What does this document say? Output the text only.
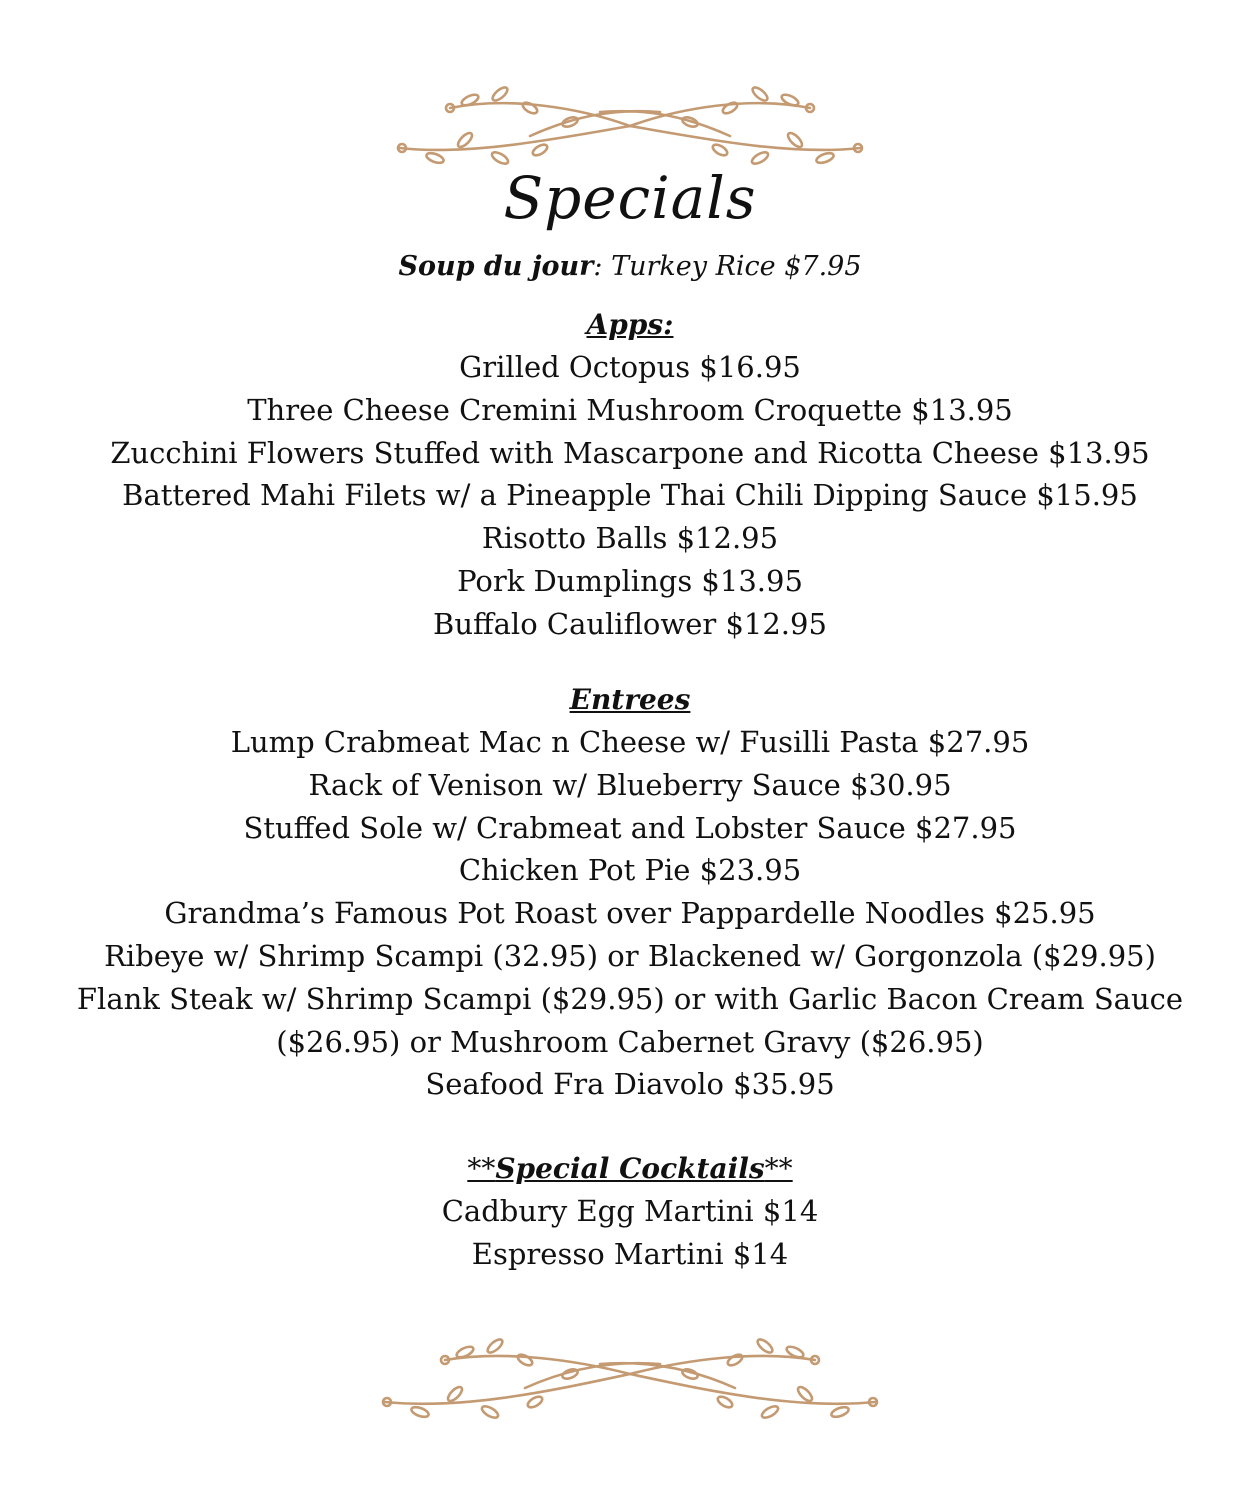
Specials
Soup du jour: Turkey Rice $7.95
Apps:
Grilled Octopus $16.95
Three Cheese Cremini Mushroom Croquette $13.95
Zucchini Flowers Stuffed with Mascarpone and Ricotta Cheese $13.95
Battered Mahi Filets w/ a Pineapple Thai Chili Dipping Sauce $15.95
Risotto Balls $12.95
Pork Dumplings $13.95
Buffalo Cauliflower $12.95
Entrees
Lump Crabmeat Mac n Cheese w/ Fusilli Pasta $27.95
Rack of Venison w/ Blueberry Sauce $30.95
Stuffed Sole w/ Crabmeat and Lobster Sauce $27.95
Chicken Pot Pie $23.95
Grandma’s Famous Pot Roast over Pappardelle Noodles $25.95
Ribeye w/ Shrimp Scampi (32.95) or Blackened w/ Gorgonzola ($29.95)
Flank Steak w/ Shrimp Scampi ($29.95) or with Garlic Bacon Cream Sauce
($26.95) or Mushroom Cabernet Gravy ($26.95)
Seafood Fra Diavolo $35.95
**Special Cocktails**
Cadbury Egg Martini $14
Espresso Martini $14
